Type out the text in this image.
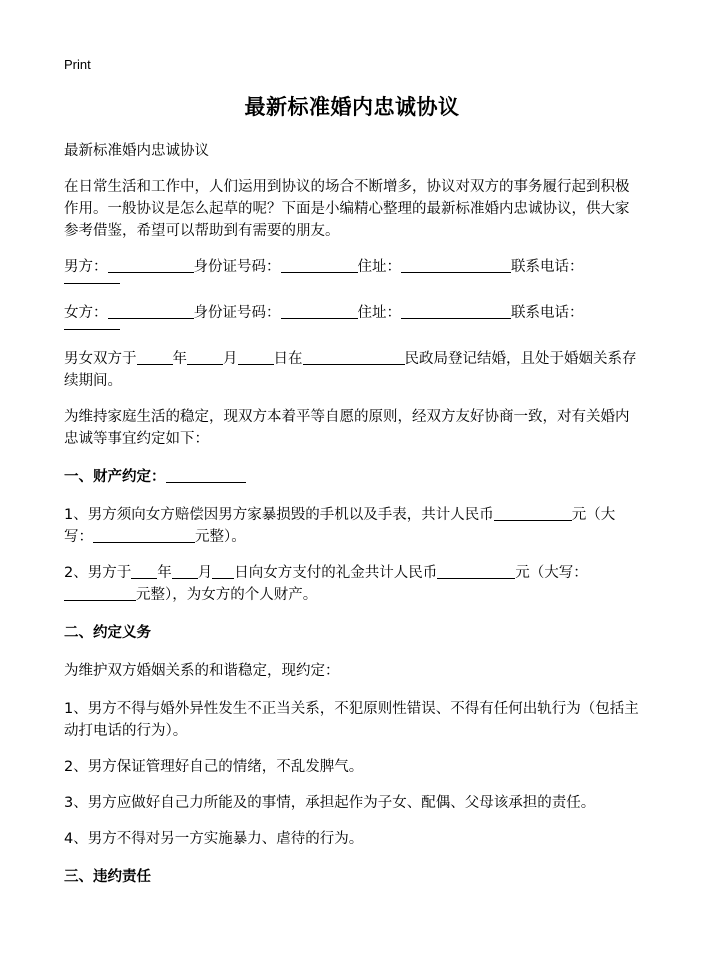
Print
最新标准婚内忠诚协议

最新标准婚内忠诚协议

在日常生活和工作中，人们运用到协议的场合不断增多，协议对双方的事务履行起到积极作用。一般协议是怎么起草的呢？下面是小编精心整理的最新标准婚内忠诚协议，供大家参考借鉴，希望可以帮助到有需要的朋友。

男方：	身份证号码：	住址：	联系电话：

女方：	身份证号码：	住址：	联系电话：

男女双方于 年 月 日在	民政局登记结婚，且处于婚姻关系存续期间。

为维持家庭生活的稳定，现双方本着平等自愿的原则，经双方友好协商一致，对有关婚内忠诚等事宜约定如下：

一、财产约定：

1、男方须向女方赔偿因男方家暴损毁的手机以及手表，共计人民币	元（大写：	元整）。

2、男方于 年 月 日向女方支付的礼金共计人民币	元（大写：元整），为女方的个人财产。

二、约定义务

为维护双方婚姻关系的和谐稳定，现约定：

1、男方不得与婚外异性发生不正当关系，不犯原则性错误、不得有任何出轨行为（包括主动打电话的行为）。

2、男方保证管理好自己的情绪，不乱发脾气。

3、男方应做好自己力所能及的事情，承担起作为子女、配偶、父母该承担的责任。

4、男方不得对另一方实施暴力、虐待的行为。

三、违约责任
